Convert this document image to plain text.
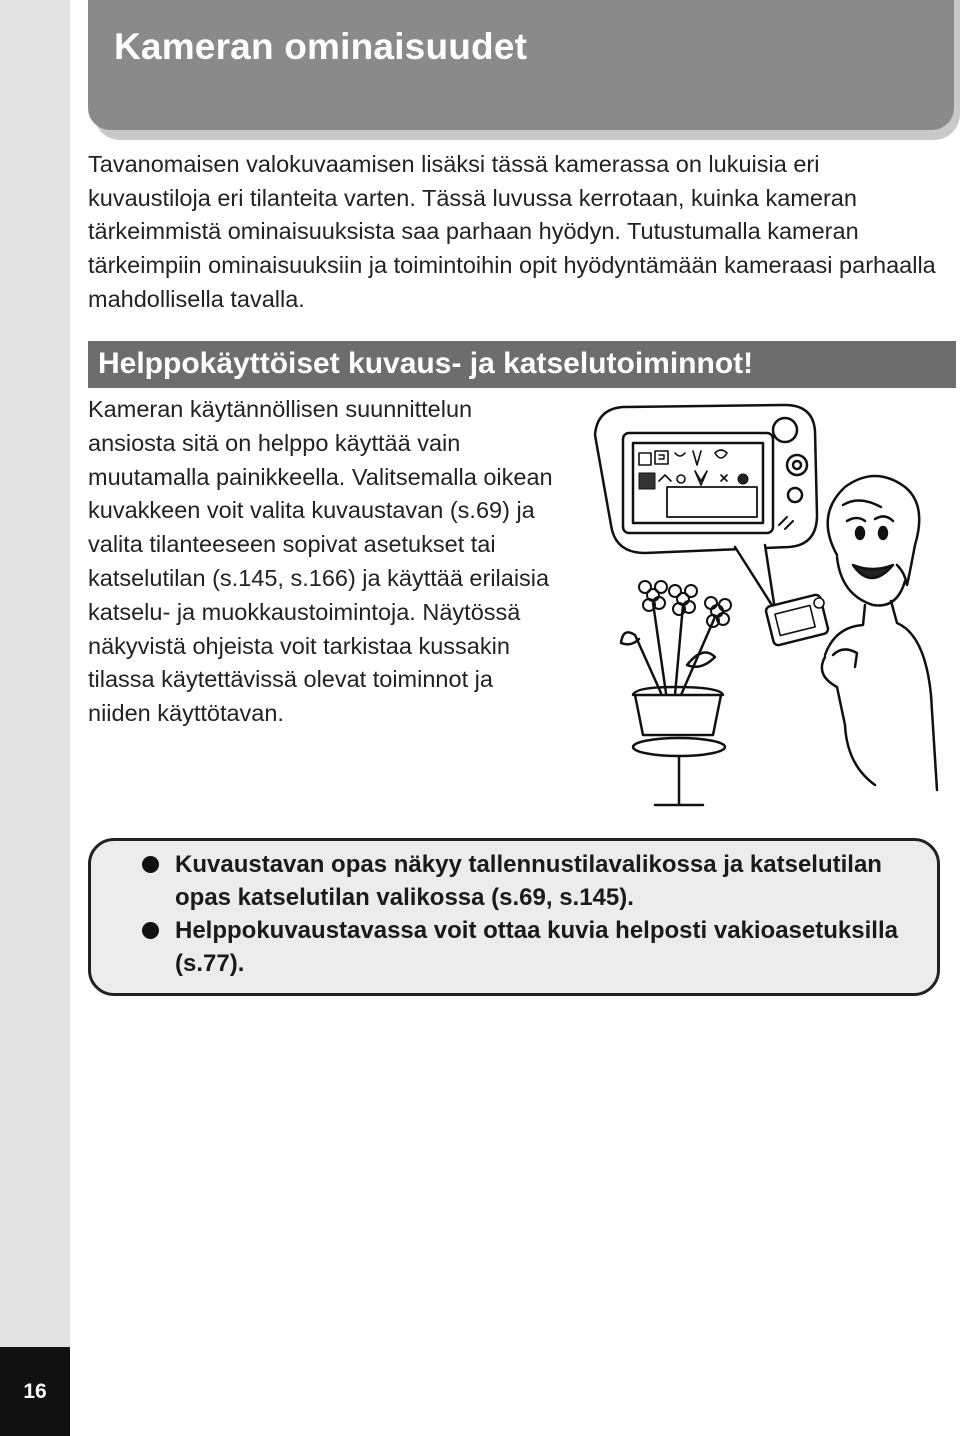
16
Kameran ominaisuudet

Tavanomaisen valokuvaamisen lisäksi tässä kamerassa on lukuisia eri kuvaustiloja eri tilanteita varten. Tässä luvussa kerrotaan, kuinka kameran tärkeimmistä ominaisuuksista saa parhaan hyödyn. Tutustumalla kameran tärkeimpiin ominaisuuksiin ja toimintoihin opit hyödyntämään kameraasi parhaalla mahdollisella tavalla.

Helppokäyttöiset kuvaus- ja katselutoiminnot!

Kameran käytännöllisen suunnittelun ansiosta sitä on helppo käyttää vain muutamalla painikkeella. Valitsemalla oikean kuvakkeen voit valita kuvaustavan (s.69) ja valita tilanteeseen sopivat asetukset tai katselutilan (s.145, s.166) ja käyttää erilaisia katselu- ja muokkaustoimintoja. Näytössä näkyvistä ohjeista voit tarkistaa kussakin tilassa käytettävissä olevat toiminnot ja niiden käyttötavan.

Kuvaustavan opas näkyy tallennustilavalikossa ja katselutilan opas katselutilan valikossa (s.69, s.145).
Helppokuvaustavassa voit ottaa kuvia helposti vakioasetuksilla (s.77).
